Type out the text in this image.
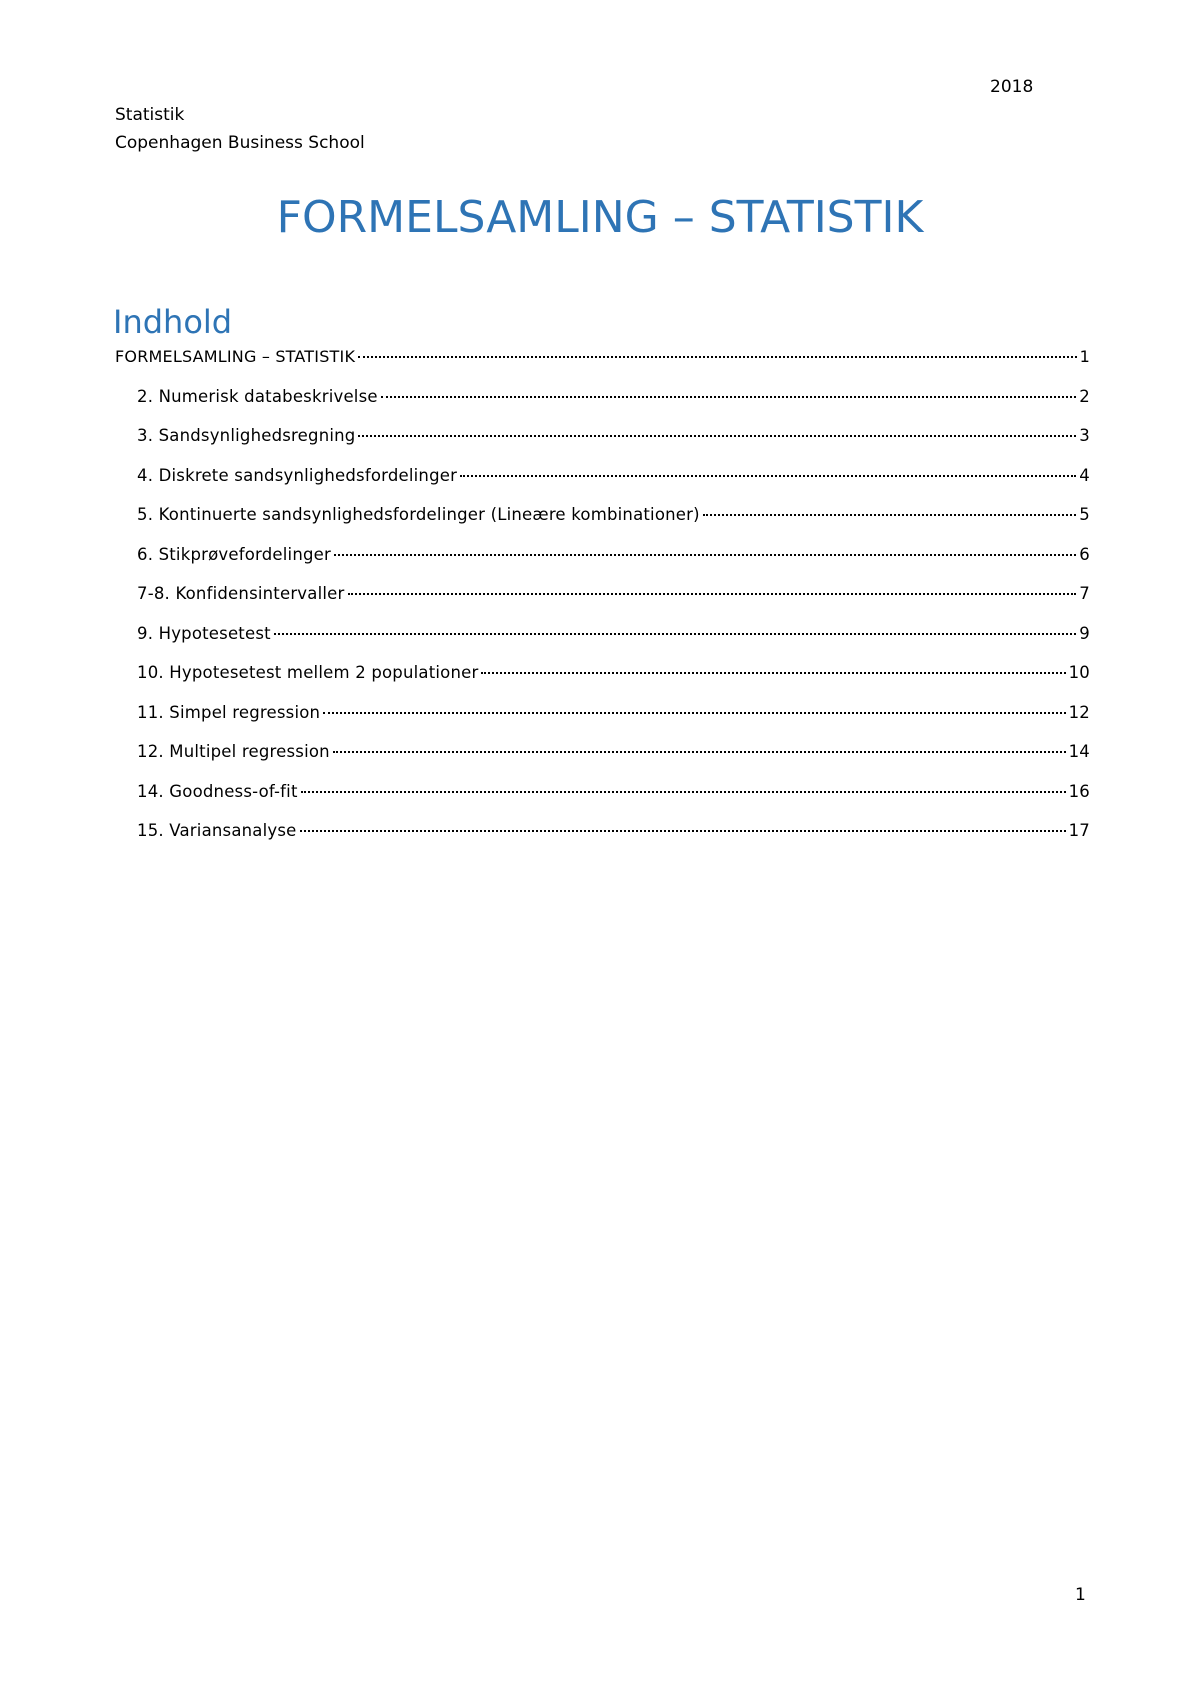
2018
Statistik
Copenhagen Business School
FORMELSAMLING – STATISTIK
Indhold
FORMELSAMLING – STATISTIK	1
2. Numerisk databeskrivelse	2
3. Sandsynlighedsregning	3
4. Diskrete sandsynlighedsfordelinger	4
5. Kontinuerte sandsynlighedsfordelinger (Lineære kombinationer)	5
6. Stikprøvefordelinger	6
7-8. Konfidensintervaller	7
9. Hypotesetest	9
10. Hypotesetest mellem 2 populationer	10
11. Simpel regression	12
12. Multipel regression	14
14. Goodness-of-fit	16
15. Variansanalyse	17
1
